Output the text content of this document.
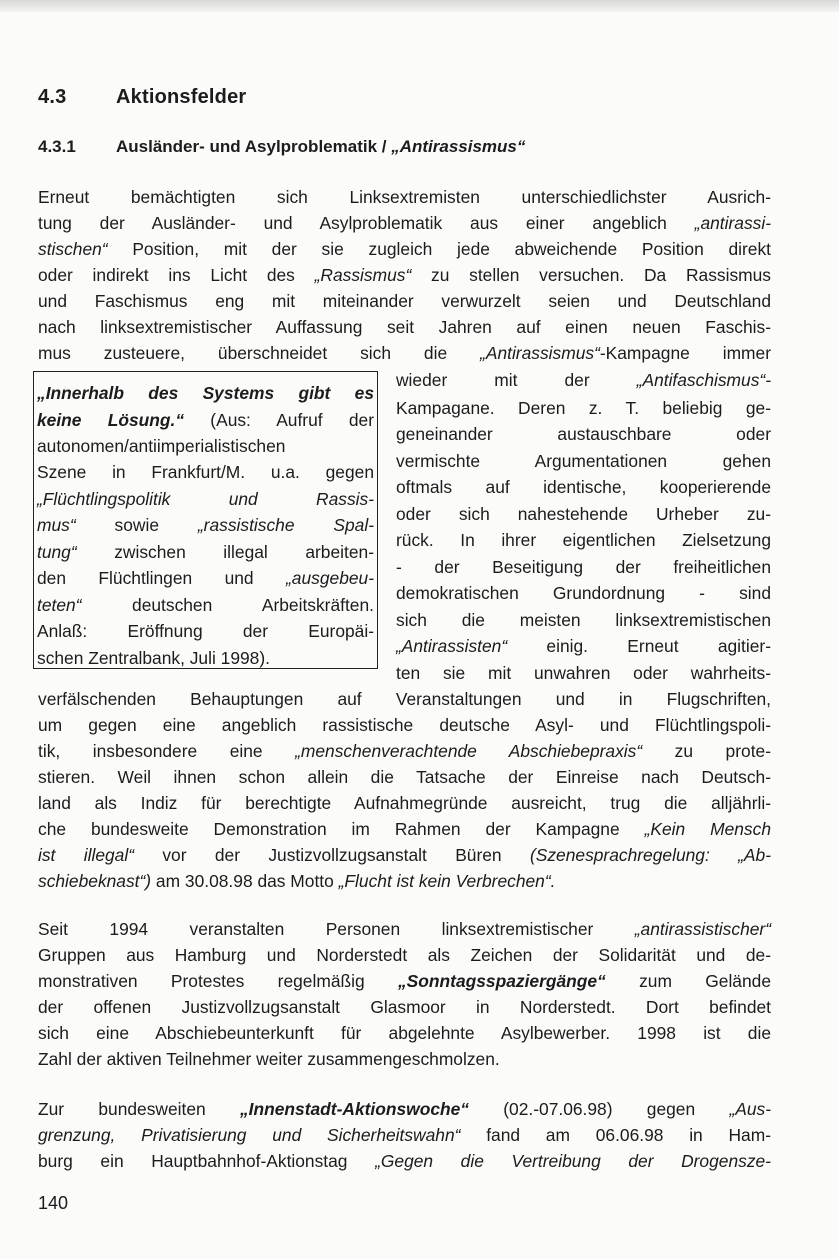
4.3 Aktionsfelder
4.3.1 Ausländer- und Asylproblematik / „Antirassismus“
Erneut bemächtigten sich Linksextremisten unterschiedlichster Ausrich-
tung der Ausländer- und Asylproblematik aus einer angeblich „antirassi-
stischen“ Position, mit der sie zugleich jede abweichende Position direkt
oder indirekt ins Licht des „Rassismus“ zu stellen versuchen. Da Rassismus
und Faschismus eng mit miteinander verwurzelt seien und Deutschland
nach linksextremistischer Auffassung seit Jahren auf einen neuen Faschis-
mus zusteuere, überschneidet sich die „Antirassismus“-Kampagne immer
wieder mit der „Antifaschismus“-
Kampagane. Deren z. T. beliebig ge-
geneinander austauschbare oder
vermischte Argumentationen gehen
oftmals auf identische, kooperierende
oder sich nahestehende Urheber zu-
rück. In ihrer eigentlichen Zielsetzung
- der Beseitigung der freiheitlichen
demokratischen Grundordnung - sind
sich die meisten linksextremistischen
„Antirassisten“ einig. Erneut agitier-
ten sie mit unwahren oder wahrheits-
„Innerhalb des Systems gibt es
keine Lösung.“ (Aus: Aufruf der
autonomen/antiimperialistischen
Szene in Frankfurt/M. u.a. gegen
„Flüchtlingspolitik und Rassis-
mus“ sowie „rassistische Spal-
tung“ zwischen illegal arbeiten-
den Flüchtlingen und „ausgebeu-
teten“ deutschen Arbeitskräften.
Anlaß: Eröffnung der Europäi-
schen Zentralbank, Juli 1998).
verfälschenden Behauptungen auf Veranstaltungen und in Flugschriften,
um gegen eine angeblich rassistische deutsche Asyl- und Flüchtlingspoli-
tik, insbesondere eine „menschenverachtende Abschiebepraxis“ zu prote-
stieren. Weil ihnen schon allein die Tatsache der Einreise nach Deutsch-
land als Indiz für berechtigte Aufnahmegründe ausreicht, trug die alljährli-
che bundesweite Demonstration im Rahmen der Kampagne „Kein Mensch
ist illegal“ vor der Justizvollzugsanstalt Büren (Szenesprachregelung: „Ab-
schiebeknast“) am 30.08.98 das Motto „Flucht ist kein Verbrechen“.
Seit 1994 veranstalten Personen linksextremistischer „antirassistischer“
Gruppen aus Hamburg und Norderstedt als Zeichen der Solidarität und de-
monstrativen Protestes regelmäßig „Sonntagsspaziergänge“ zum Gelände
der offenen Justizvollzugsanstalt Glasmoor in Norderstedt. Dort befindet
sich eine Abschiebeunterkunft für abgelehnte Asylbewerber. 1998 ist die
Zahl der aktiven Teilnehmer weiter zusammengeschmolzen.
Zur bundesweiten „Innenstadt-Aktionswoche“ (02.-07.06.98) gegen „Aus-
grenzung, Privatisierung und Sicherheitswahn“ fand am 06.06.98 in Ham-
burg ein Hauptbahnhof-Aktionstag „Gegen die Vertreibung der Drogensze-
140
